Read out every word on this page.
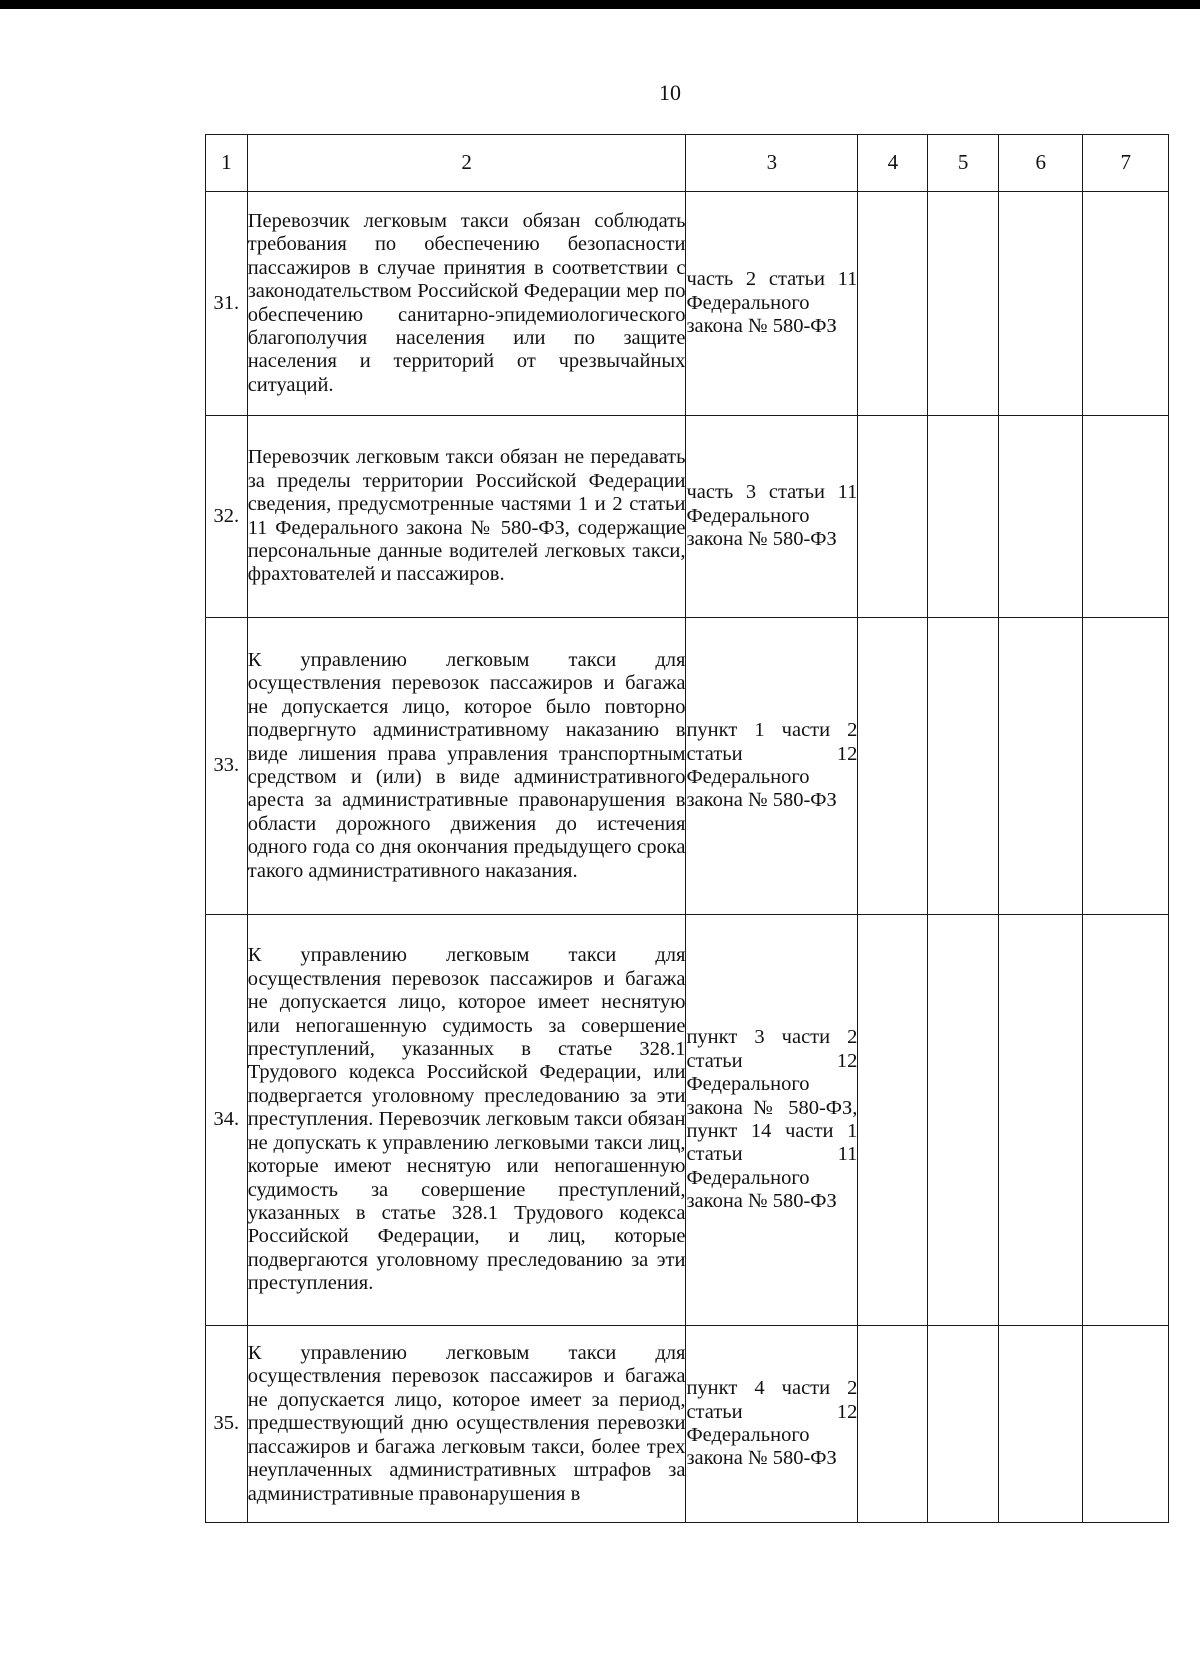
10
1	2	3	4	5	6	7
31.	Перевозчик легковым такси обязан соблюдать требования по обеспечению безопасности пассажиров в случае принятия в соответствии с законодательством Российской Федерации мер по обеспечению санитарно-эпидемиологического благополучия населения или по защите населения и территорий от чрезвычайных ситуаций.	часть 2 статьи 11 Федерального закона № 580-ФЗ				
32.	Перевозчик легковым такси обязан не передавать за пределы территории Российской Федерации сведения, предусмотренные частями 1 и 2 статьи 11 Федерального закона № 580-ФЗ, содержащие персональные данные водителей легковых такси, фрахтователей и пассажиров.	часть 3 статьи 11 Федерального закона № 580-ФЗ				
33.	К управлению легковым такси для осуществления перевозок пассажиров и багажа не допускается лицо, которое было повторно подвергнуто административному наказанию в виде лишения права управления транспортным средством и (или) в виде административного ареста за административные правонарушения в области дорожного движения до истечения одного года со дня окончания предыдущего срока такого административного наказания.	пункт 1 части 2 статьи 12 Федерального закона № 580-ФЗ				
34.	К управлению легковым такси для осуществления перевозок пассажиров и багажа не допускается лицо, которое имеет неснятую или непогашенную судимость за совершение преступлений, указанных в статье 328.1 Трудового кодекса Российской Федерации, или подвергается уголовному преследованию за эти преступления. Перевозчик легковым такси обязан не допускать к управлению легковыми такси лиц, которые имеют неснятую или непогашенную судимость за совершение преступлений, указанных в статье 328.1 Трудового кодекса Российской Федерации, и лиц, которые подвергаются уголовному преследованию за эти преступления.	пункт 3 части 2 статьи 12 Федерального закона № 580-ФЗ, пункт 14 части 1 статьи 11 Федерального закона № 580-ФЗ				
35.	К управлению легковым такси для осуществления перевозок пассажиров и багажа не допускается лицо, которое имеет за период, предшествующий дню осуществления перевозки пассажиров и багажа легковым такси, более трех неуплаченных административных штрафов за административные правонарушения в	пункт 4 части 2 статьи 12 Федерального закона № 580-ФЗ				
